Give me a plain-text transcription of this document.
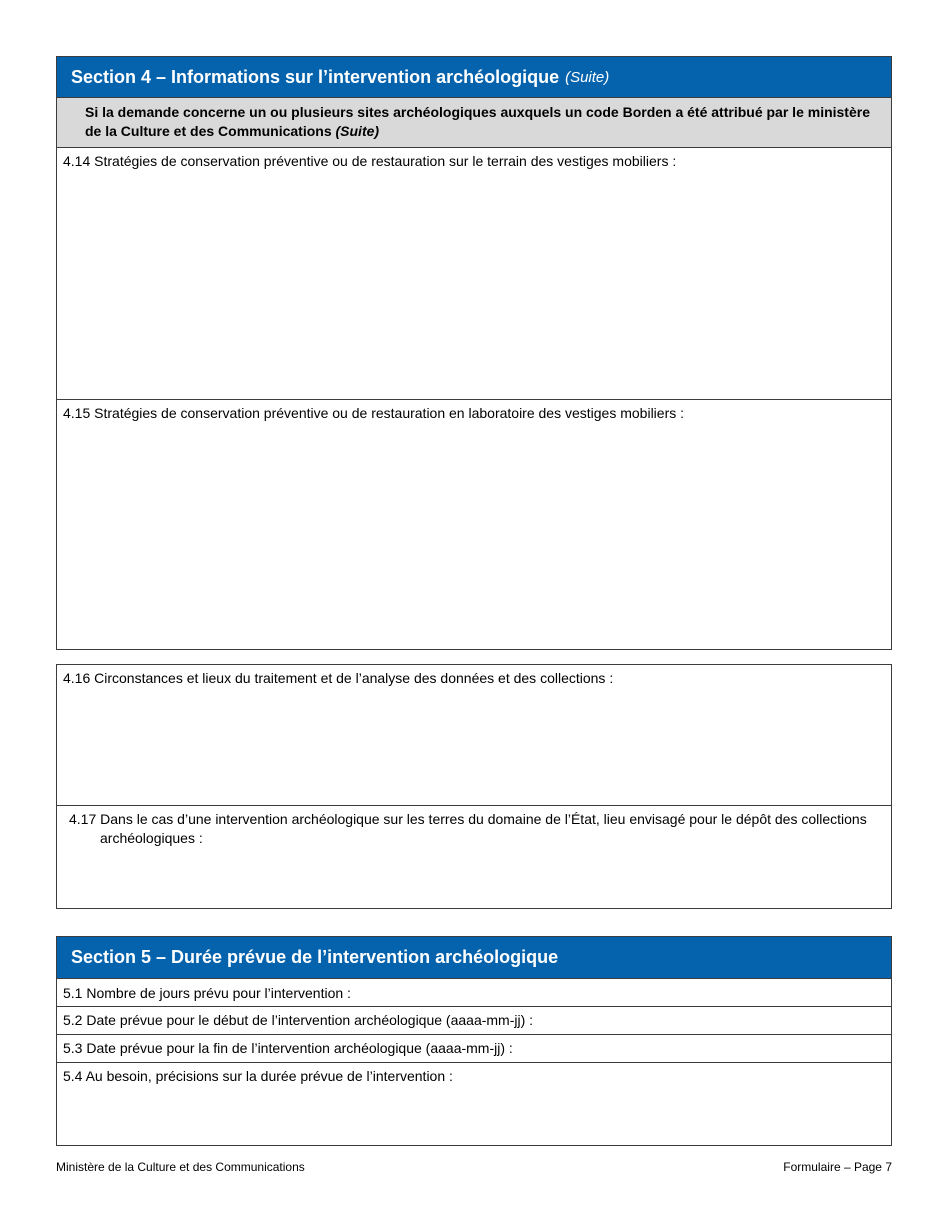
Section 4 – Informations sur l’intervention archéologique (Suite)
Si la demande concerne un ou plusieurs sites archéologiques auxquels un code Borden a été attribué par le ministère de la Culture et des Communications (Suite)
4.14 Stratégies de conservation préventive ou de restauration sur le terrain des vestiges mobiliers :
4.15 Stratégies de conservation préventive ou de restauration en laboratoire des vestiges mobiliers :
4.16 Circonstances et lieux du traitement et de l’analyse des données et des collections :
4.17 Dans le cas d’une intervention archéologique sur les terres du domaine de l’État, lieu envisagé pour le dépôt des collections archéologiques :
Section 5 – Durée prévue de l’intervention archéologique
5.1 Nombre de jours prévu pour l’intervention :
5.2 Date prévue pour le début de l’intervention archéologique (aaaa-mm-jj) :
5.3 Date prévue pour la fin de l’intervention archéologique (aaaa-mm-jj) :
5.4 Au besoin, précisions sur la durée prévue de l’intervention :
Ministère de la Culture et des Communications	Formulaire – Page 7
